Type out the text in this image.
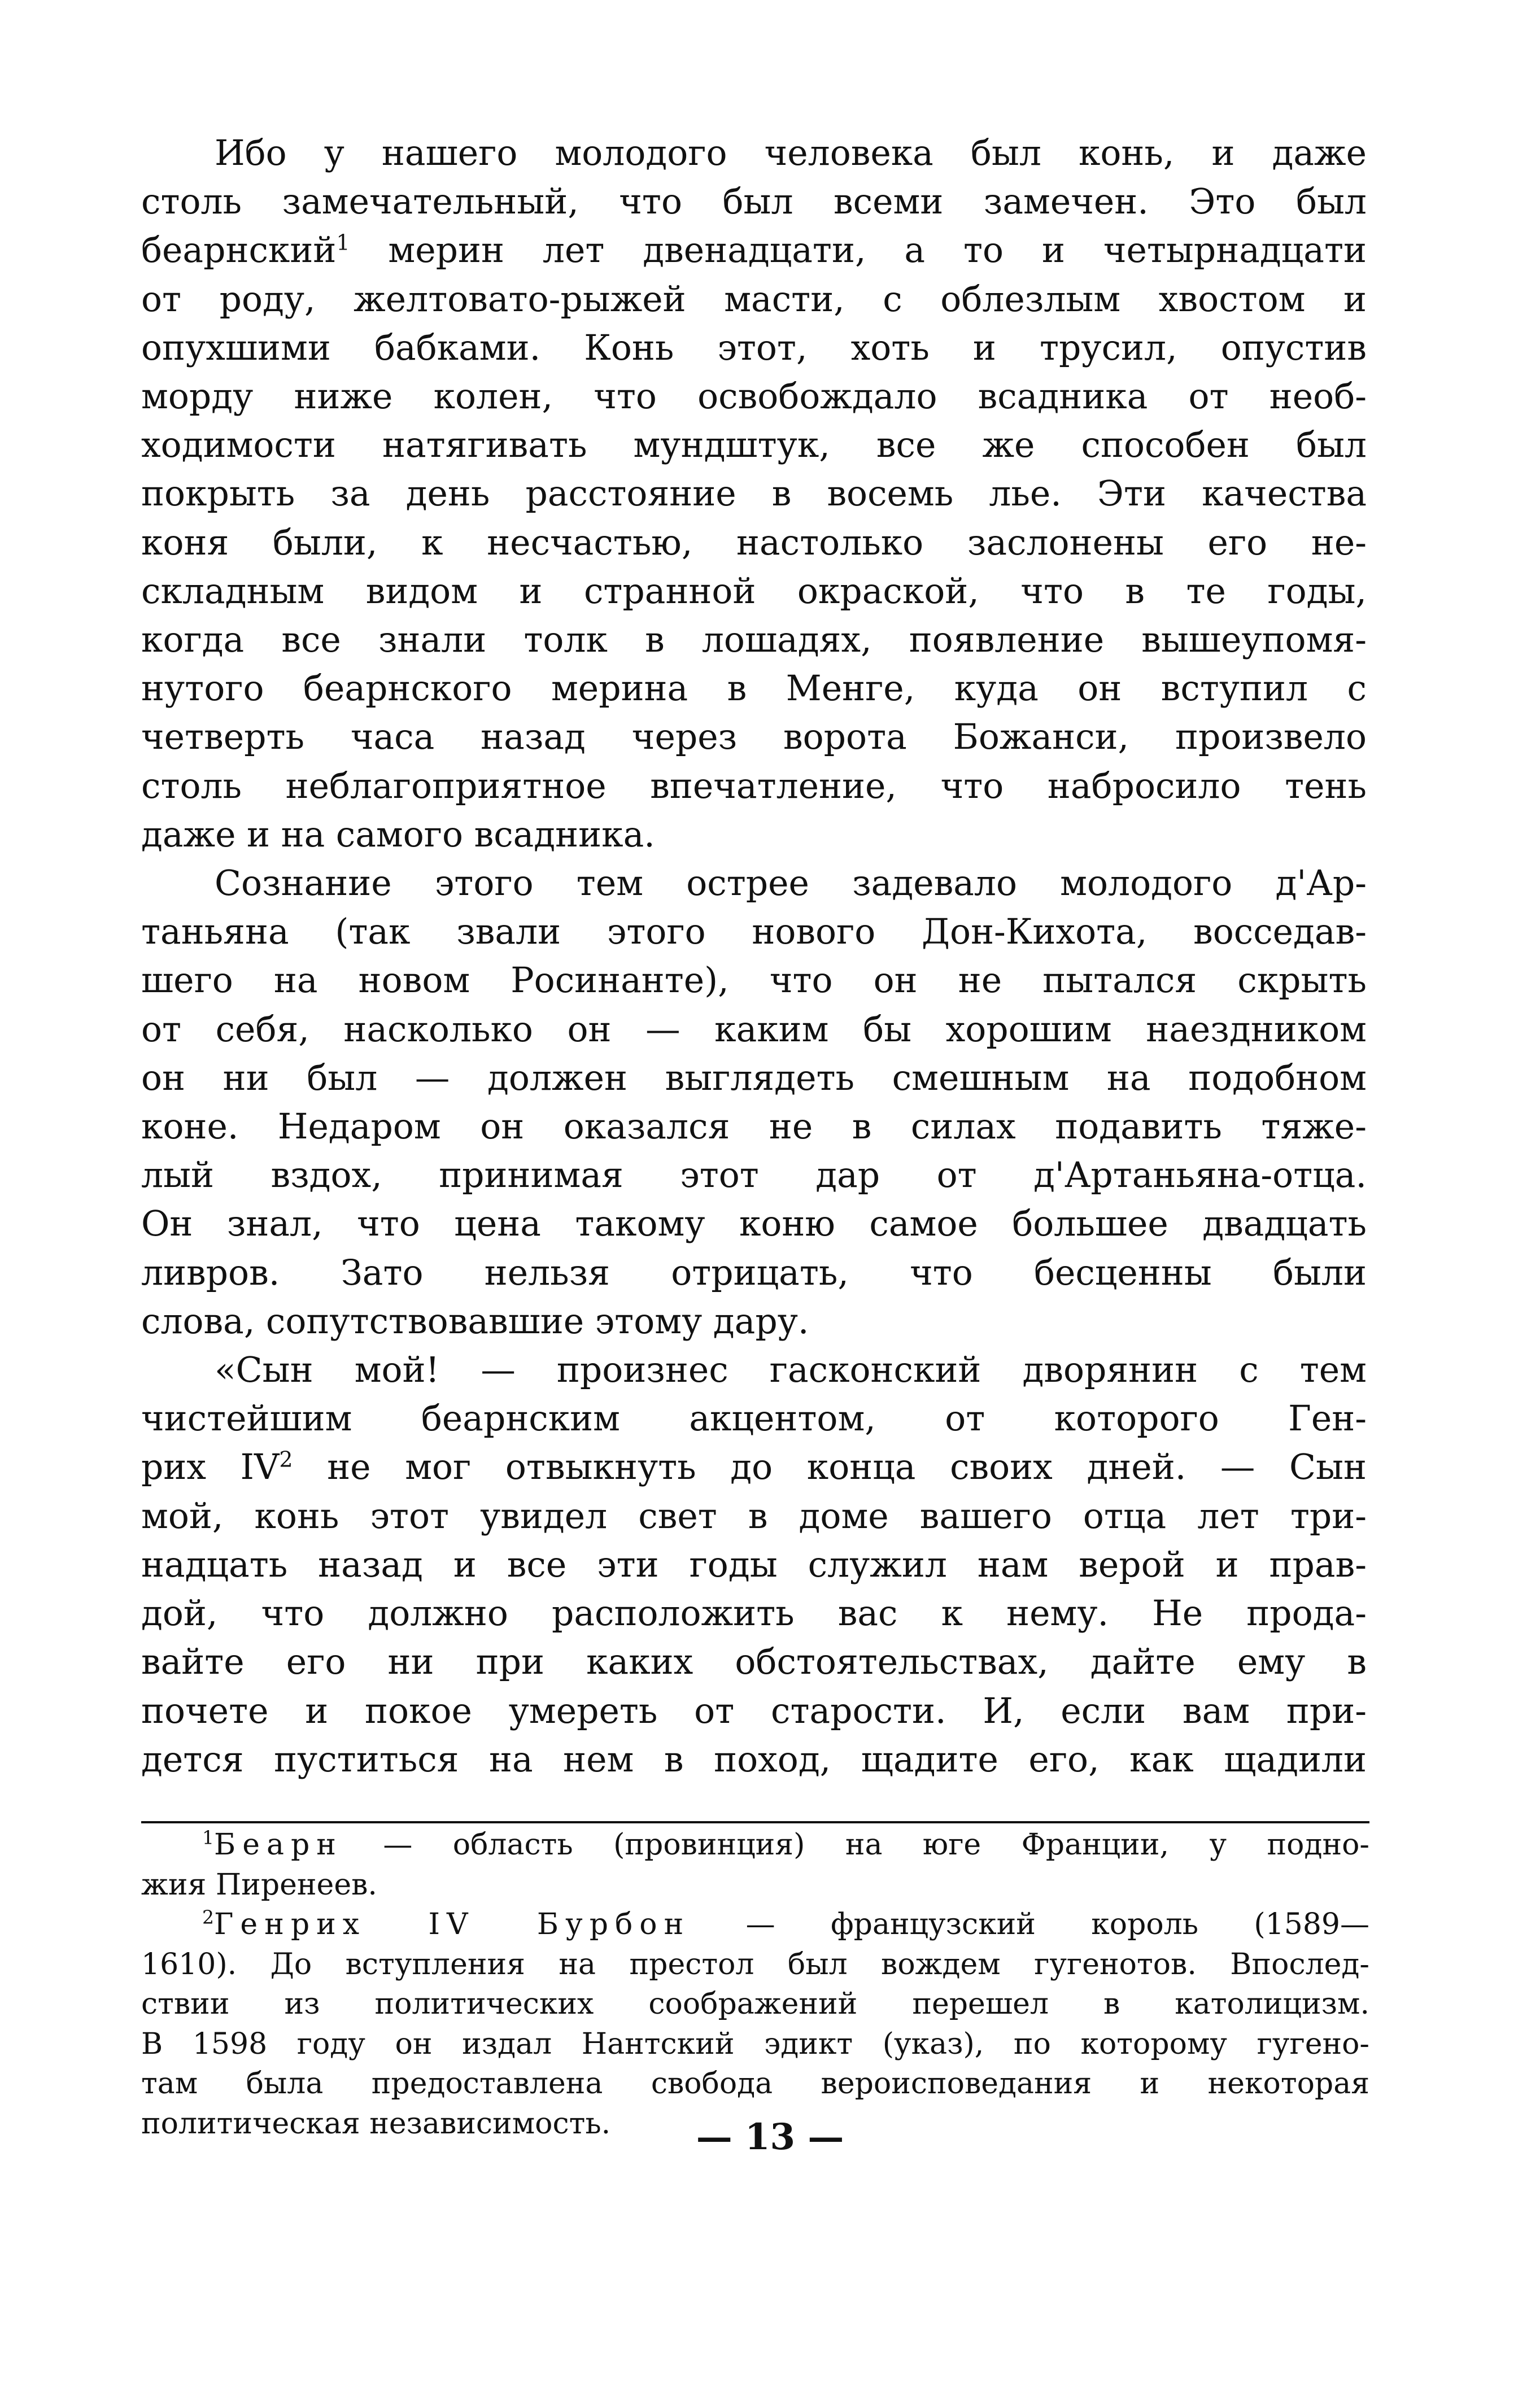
Ибо у нашего молодого человека был конь, и даже
столь замечательный, что был всеми замечен. Это был
беарнский$^1$ мерин лет двенадцати, а то и четырнадцати
от роду, желтовато-рыжей масти, с облезлым хвостом и
опухшими бабками. Конь этот, хоть и трусил, опустив
морду ниже колен, что освобождало всадника от необ-
ходимости натягивать мундштук, все же способен был
покрыть за день расстояние в восемь лье. Эти качества
коня были, к несчастью, настолько заслонены его не-
складным видом и странной окраской, что в те годы,
когда все знали толк в лошадях, появление вышеупомя-
нутого беарнского мерина в Менге, куда он вступил с
четверть часа назад через ворота Божанси, произвело
столь неблагоприятное впечатление, что набросило тень
даже и на самого всадника.

Сознание этого тем острее задевало молодого д'Ар-
таньяна (так звали этого нового Дон-Кихота, восседав-
шего на новом Росинанте), что он не пытался скрыть
от себя, насколько он — каким бы хорошим наездником
он ни был — должен выглядеть смешным на подобном
коне. Недаром он оказался не в силах подавить тяже-
лый вздох, принимая этот дар от д'Артаньяна-отца.
Он знал, что цена такому коню самое большее двадцать
ливров. Зато нельзя отрицать, что бесценны были
слова, сопутствовавшие этому дару.

«Сын мой! — произнес гасконский дворянин с тем
чистейшим беарнским акцентом, от которого Ген-
рих IV$^2$ не мог отвыкнуть до конца своих дней. — Сын
мой, конь этот увидел свет в доме вашего отца лет три-
надцать назад и все эти годы служил нам верой и прав-
дой, что должно расположить вас к нему. Не прода-
вайте его ни при каких обстоятельствах, дайте ему в
почете и покое умереть от старости. И, если вам при-
дется пуститься на нем в поход, щадите его, как щадили

$^1$Беарн — область (провинция) на юге Франции, у подно-
жия Пиренеев.
$^2$Генрих IV Бурбон — французский король (1589—
1610). До вступления на престол был вождем гугенотов. Впослед-
ствии из политических соображений перешел в католицизм.
В 1598 году он издал Нантский эдикт (указ), по которому гугено-
там была предоставлена свобода вероисповедания и некоторая
политическая независимость.	— 13 —
